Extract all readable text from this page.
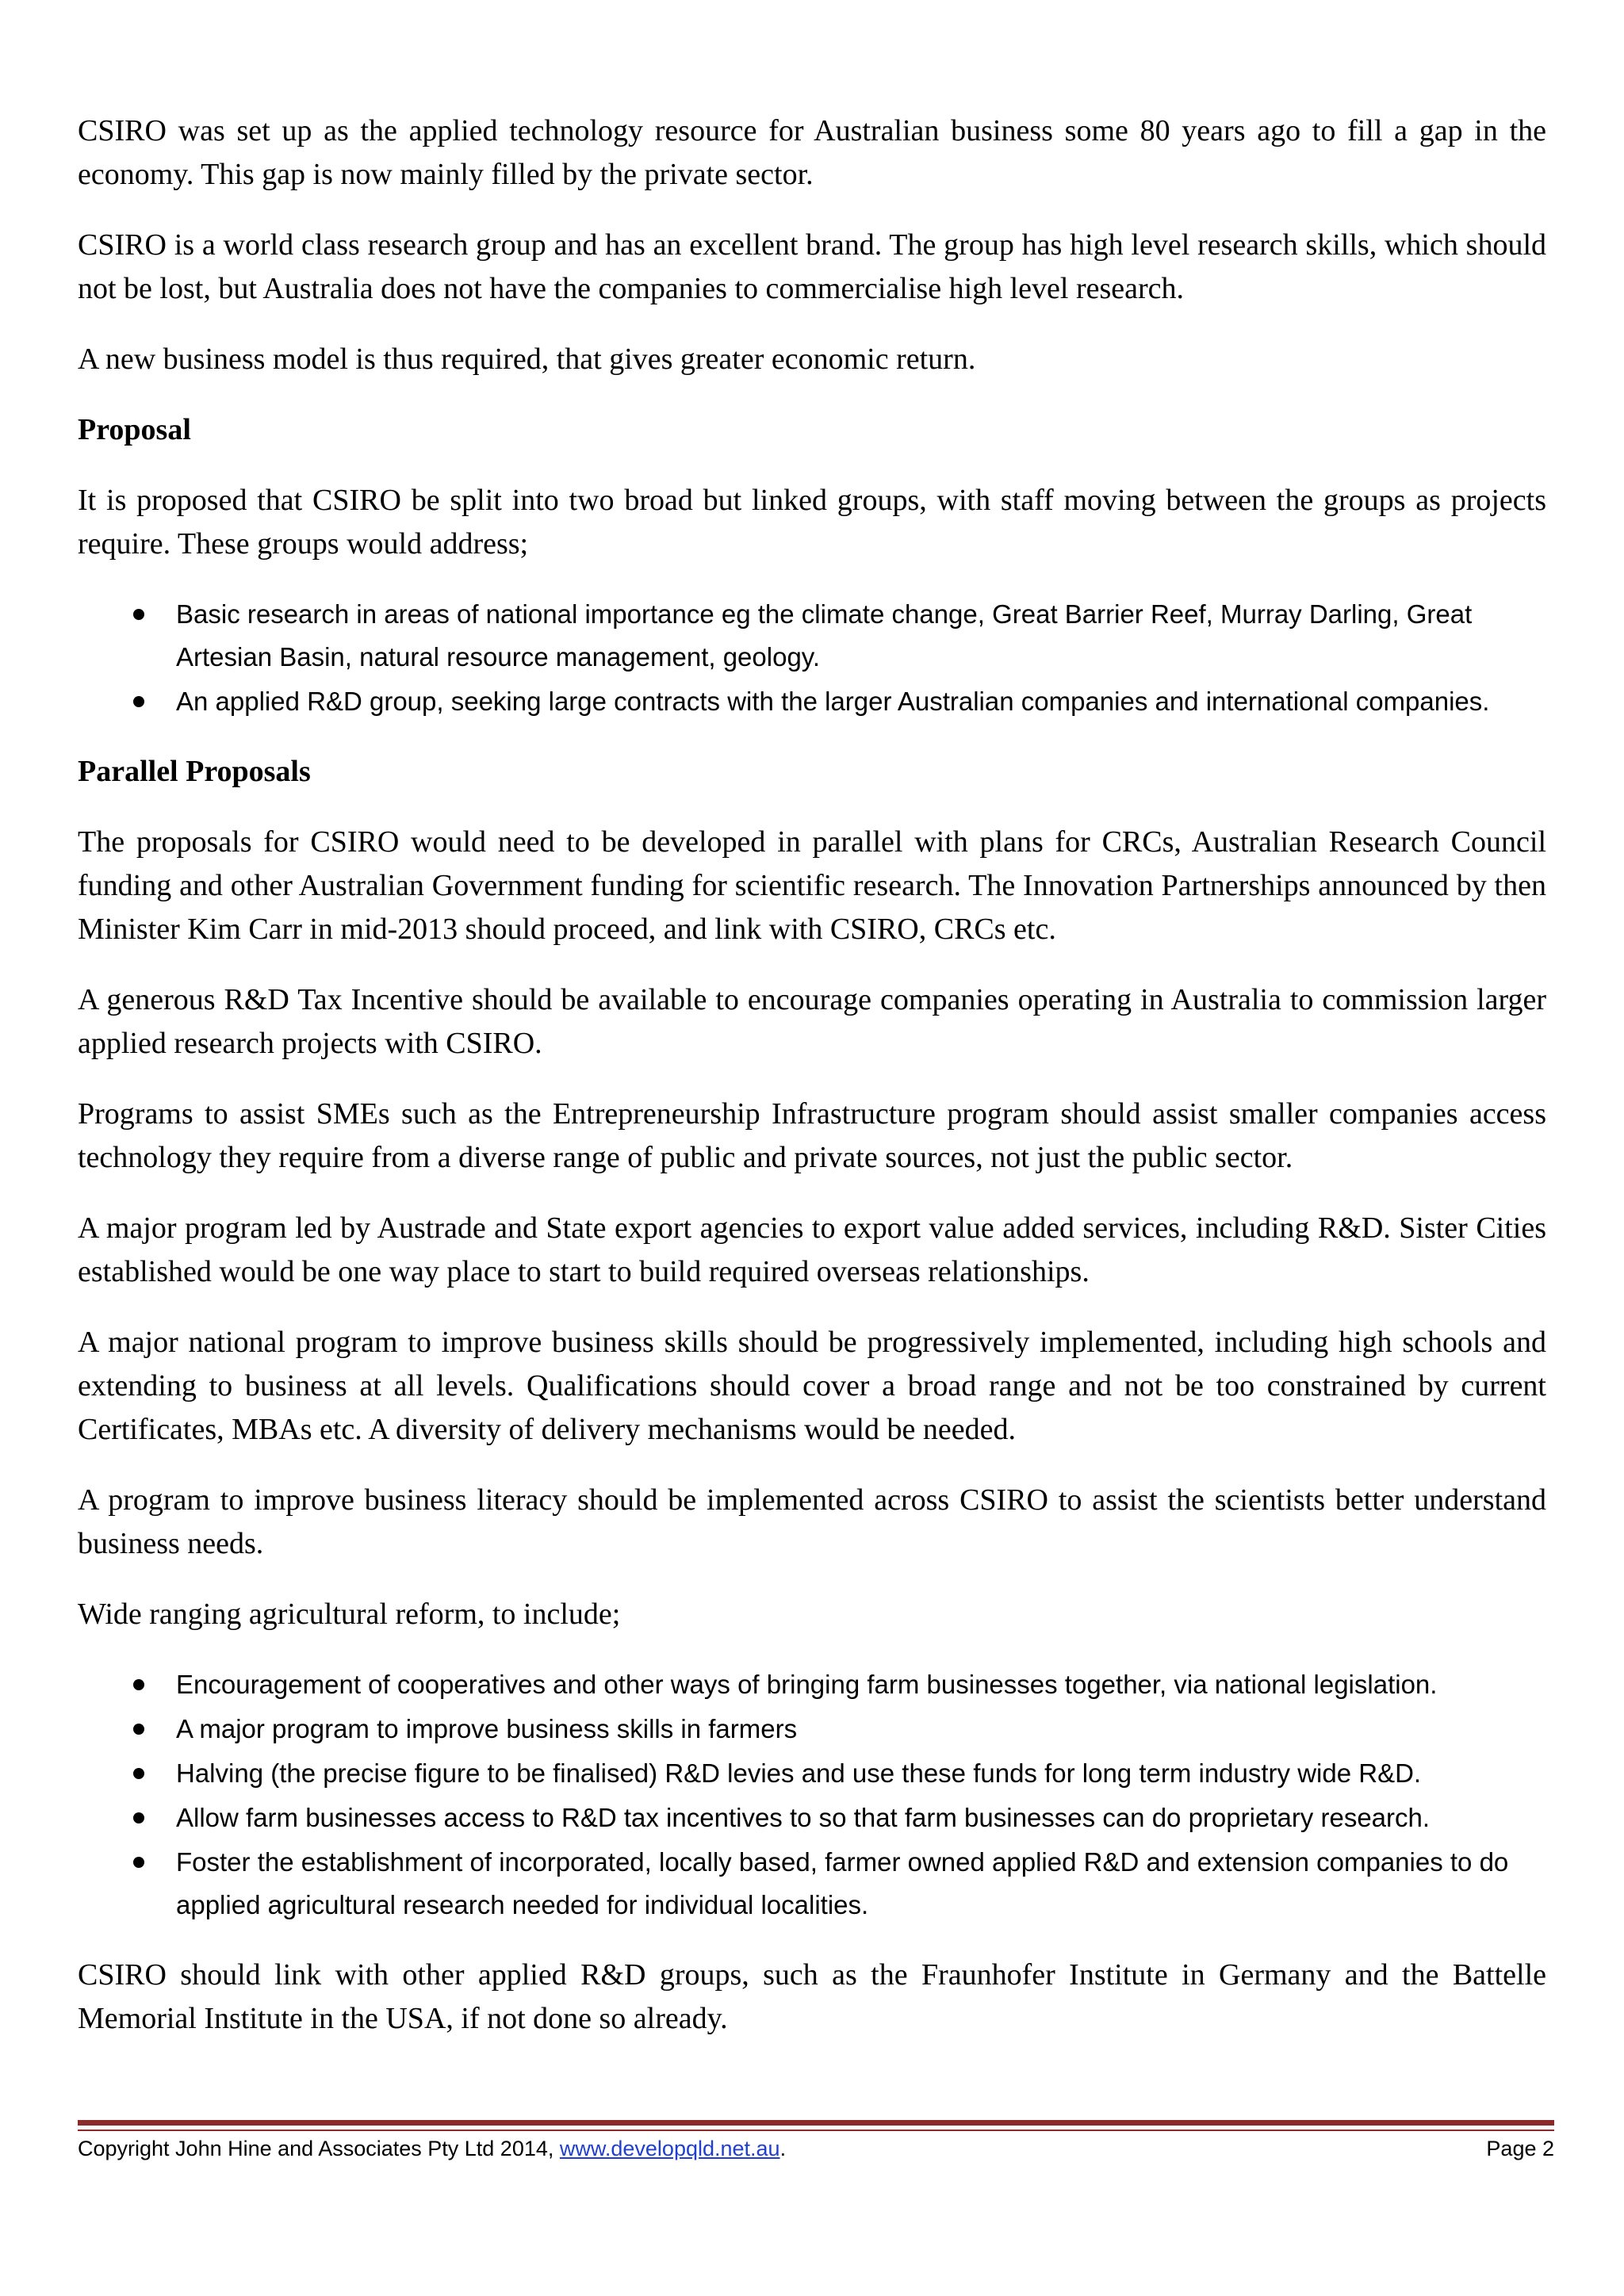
CSIRO was set up as the applied technology resource for Australian business some 80 years ago to fill a gap in the economy. This gap is now mainly filled by the private sector.

CSIRO is a world class research group and has an excellent brand. The group has high level research skills, which should not be lost, but Australia does not have the companies to commercialise high level research.

A new business model is thus required, that gives greater economic return.

Proposal

It is proposed that CSIRO be split into two broad but linked groups, with staff moving between the groups as projects require. These groups would address;

Basic research in areas of national importance eg the climate change, Great Barrier Reef, Murray Darling, Great Artesian Basin, natural resource management, geology.
An applied R&D group, seeking large contracts with the larger Australian companies and international companies.

Parallel Proposals

The proposals for CSIRO would need to be developed in parallel with plans for CRCs, Australian Research Council funding and other Australian Government funding for scientific research. The Innovation Partnerships announced by then Minister Kim Carr in mid-2013 should proceed, and link with CSIRO, CRCs etc.

A generous R&D Tax Incentive should be available to encourage companies operating in Australia to commission larger applied research projects with CSIRO.

Programs to assist SMEs such as the Entrepreneurship Infrastructure program should assist smaller companies access technology they require from a diverse range of public and private sources, not just the public sector.

A major program led by Austrade and State export agencies to export value added services, including R&D. Sister Cities established would be one way place to start to build required overseas relationships.

A major national program to improve business skills should be progressively implemented, including high schools and extending to business at all levels. Qualifications should cover a broad range and not be too constrained by current Certificates, MBAs etc. A diversity of delivery mechanisms would be needed.

A program to improve business literacy should be implemented across CSIRO to assist the scientists better understand business needs.

Wide ranging agricultural reform, to include;

Encouragement of cooperatives and other ways of bringing farm businesses together, via national legislation.
A major program to improve business skills in farmers
Halving (the precise figure to be finalised) R&D levies and use these funds for long term industry wide R&D.
Allow farm businesses access to R&D tax incentives to so that farm businesses can do proprietary research.
Foster the establishment of incorporated, locally based, farmer owned applied R&D and extension companies to do applied agricultural research needed for individual localities.

CSIRO should link with other applied R&D groups, such as the Fraunhofer Institute in Germany and the Battelle Memorial Institute in the USA, if not done so already.

Copyright John Hine and Associates Pty Ltd 2014, www.developqld.net.au.	Page 2
